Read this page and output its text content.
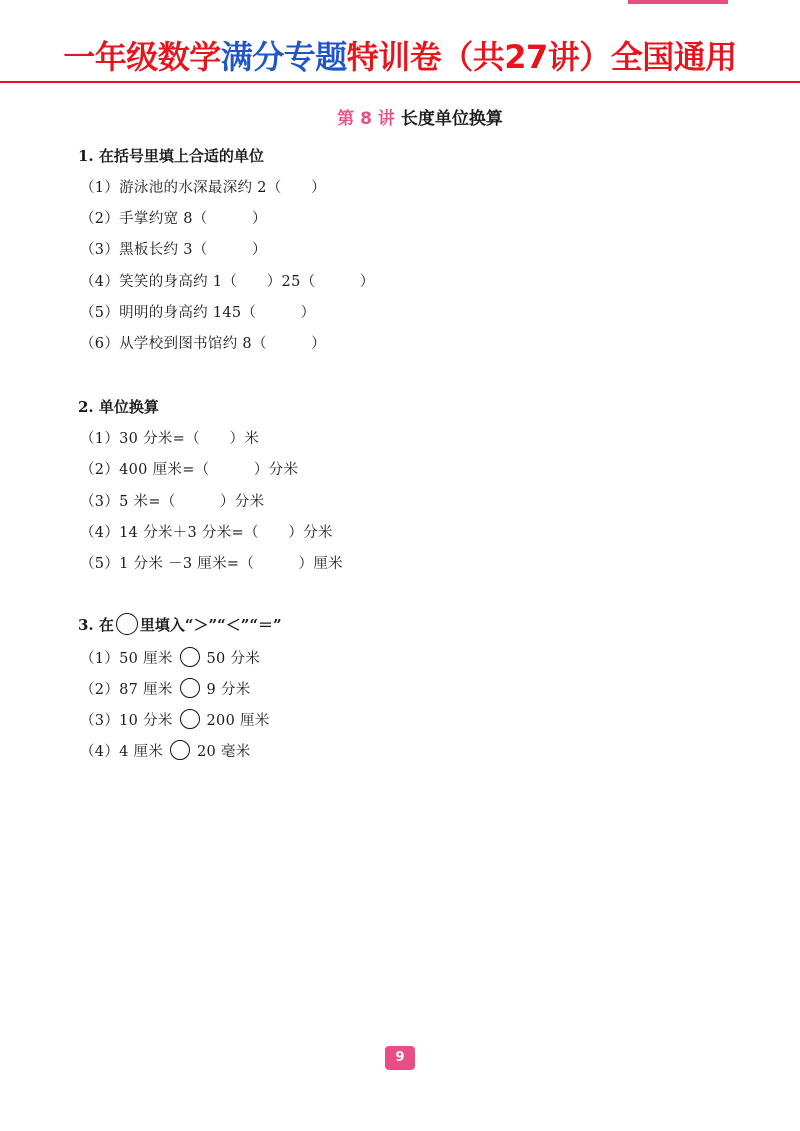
一年级数学满分专题特训卷（共27讲）全国通用
第 8 讲 长度单位换算
1. 在括号里填上合适的单位
（1）游泳池的水深最深约 2（　　）
（2）手掌约宽 8（　　　）
（3）黑板长约 3（　　　）
（4）笑笑的身高约 1（　　）25（　　　）
（5）明明的身高约 145（　　　）
（6）从学校到图书馆约 8（　　　）
2. 单位换算
（1）30 分米=（　　）米
（2）400 厘米=（　　　）分米
（3）5 米=（　　　）分米
（4）14 分米＋3 分米=（　　）分米
（5）1 分米 －3 厘米=（　　　）厘米
3. 在 里填入“＞”“＜”“＝”
（1）50 厘米 50 分米
（2）87 厘米 9 分米
（3）10 分米 200 厘米
（4）4 厘米 20 毫米
9
